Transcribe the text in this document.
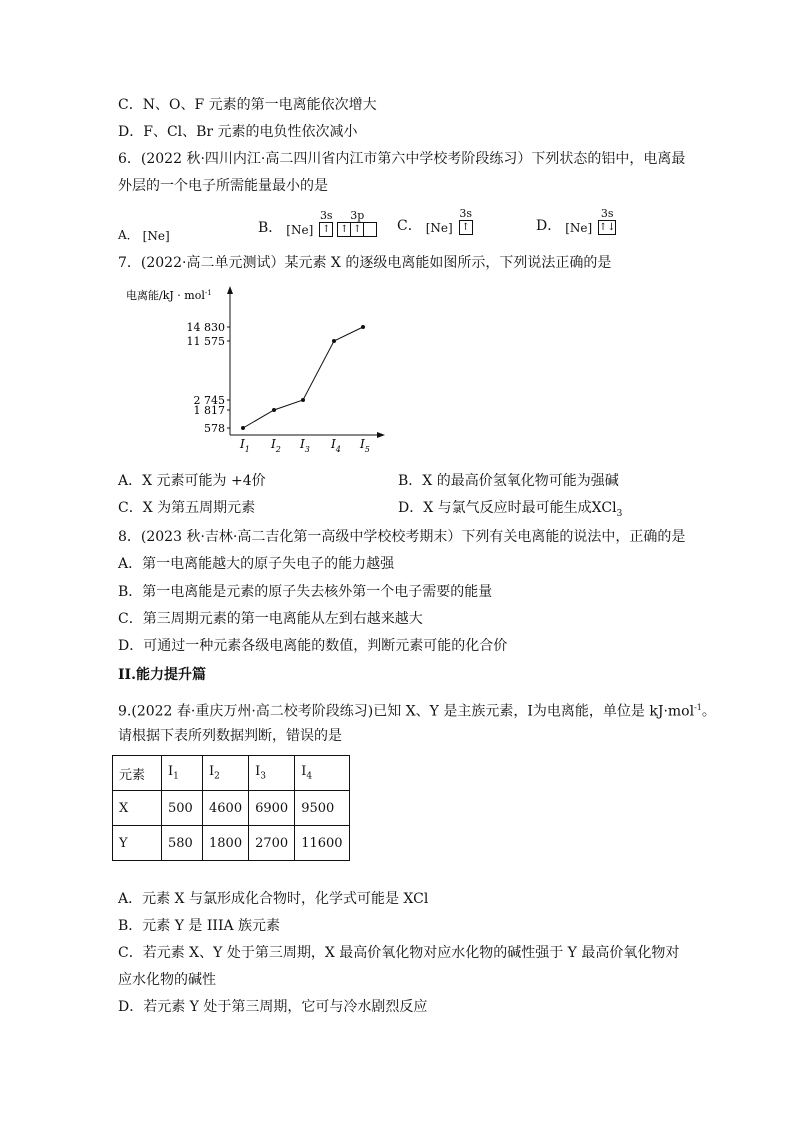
C．N、O、F 元素的第一电离能依次增大
D．F、Cl、Br 元素的电负性依次减小
6．(2022 秋·四川内江·高二四川省内江市第六中学校考阶段练习）下列状态的铝中，电离最
外层的一个电子所需能量最小的是
A． [Ne]	B． [Ne]
3s
↑
3p
↑ ↑	C． [Ne]
3s
↑	D． [Ne]
3s
↑↓
7．(2022·高二单元测试）某元素 X 的逐级电离能如图所示，下列说法正确的是
电离能/kJ · mol$^{-1}$
14 830
11 575
2 745
1 817
578
$I_1$ $I_2$ $I_3$ $I_4$ $I_5$
A．X 元素可能为 +4价	B．X 的最高价氢氧化物可能为强碱
C．X 为第五周期元素	D．X 与氯气反应时最可能生成XCl$_3$
8．(2023 秋·吉林·高二吉化第一高级中学校校考期末）下列有关电离能的说法中，正确的是
A．第一电离能越大的原子失电子的能力越强
B．第一电离能是元素的原子失去核外第一个电子需要的能量
C．第三周期元素的第一电离能从左到右越来越大
D．可通过一种元素各级电离能的数值，判断元素可能的化合价
II.能力提升篇
9.(2022 春·重庆万州·高二校考阶段练习)已知 X、Y 是主族元素，I为电离能，单位是 kJ·mol$^{-1}$。
请根据下表所列数据判断，错误的是
元素	$I_1$	$I_2$	$I_3$	$I_4$
X	500	4600	6900	9500
Y	580	1800	2700	11600
A．元素 X 与氯形成化合物时，化学式可能是 XCl
B．元素 Y 是 IIIA 族元素
C．若元素 X、Y 处于第三周期，X 最高价氧化物对应水化物的碱性强于 Y 最高价氧化物对
应水化物的碱性
D．若元素 Y 处于第三周期，它可与冷水剧烈反应
